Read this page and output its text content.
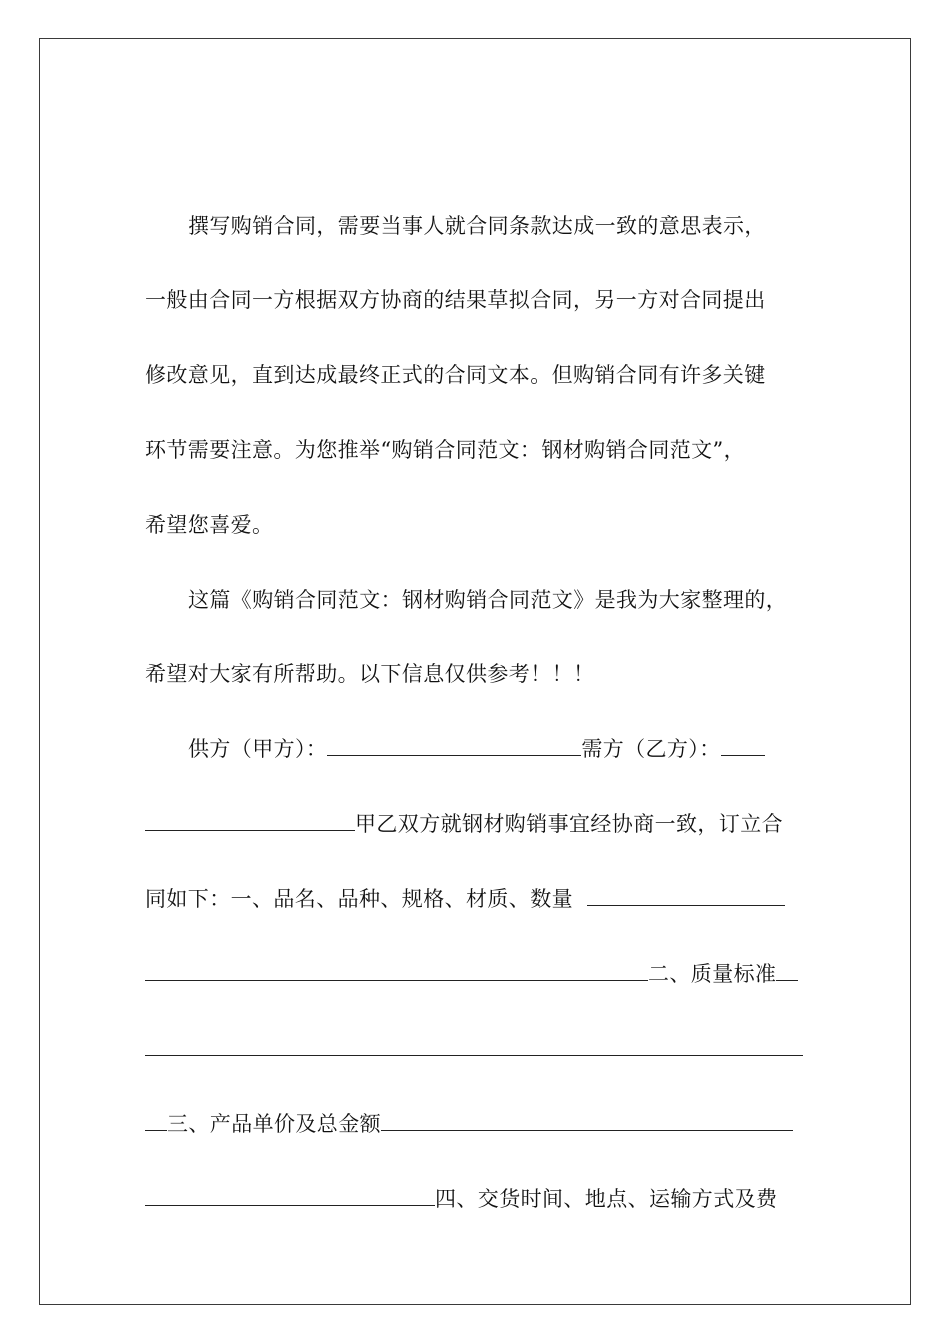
撰写购销合同，需要当事人就合同条款达成一致的意思表示，
一般由合同一方根据双方协商的结果草拟合同，另一方对合同提出
修改意见，直到达成最终正式的合同文本。但购销合同有许多关键
环节需要注意。为您推举“购销合同范文：钢材购销合同范文”，
希望您喜爱。
这篇《购销合同范文：钢材购销合同范文》是我为大家整理的，
希望对大家有所帮助。以下信息仅供参考！！！
供方（甲方）：	需方（乙方）：
甲乙双方就钢材购销事宜经协商一致，订立合
同如下：一、品名、品种、规格、材质、数量
二、质量标准
三、产品单价及总金额
四、交货时间、地点、运输方式及费
